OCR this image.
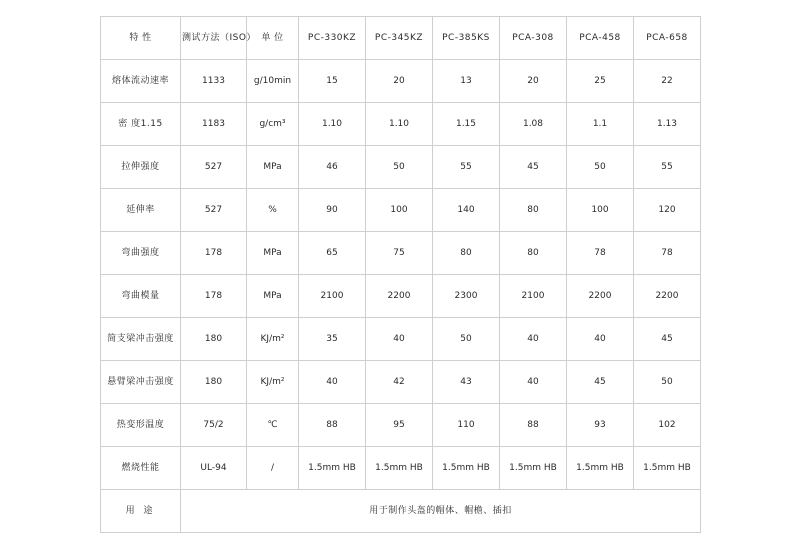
特 性	测试方法（ISO）	单 位	PC-330KZ	PC-345KZ	PC-385KS	PCA-308	PCA-458	PCA-658
熔体流动速率	1133	g/10min	15	20	13	20	25	22
密 度1.15	1183	g/cm³	1.10	1.10	1.15	1.08	1.1	1.13
拉伸强度	527	MPa	46	50	55	45	50	55
延伸率	527	%	90	100	140	80	100	120
弯曲强度	178	MPa	65	75	80	80	78	78
弯曲模量	178	MPa	2100	2200	2300	2100	2200	2200
简支梁冲击强度	180	KJ/m²	35	40	50	40	40	45
悬臂梁冲击强度	180	KJ/m²	40	42	43	40	45	50
热变形温度	75/2	℃	88	95	110	88	93	102
燃烧性能	UL-94	/	1.5mm HB	1.5mm HB	1.5mm HB	1.5mm HB	1.5mm HB	1.5mm HB
用 途	用于制作头盔的帽体、帽檐、插扣							
